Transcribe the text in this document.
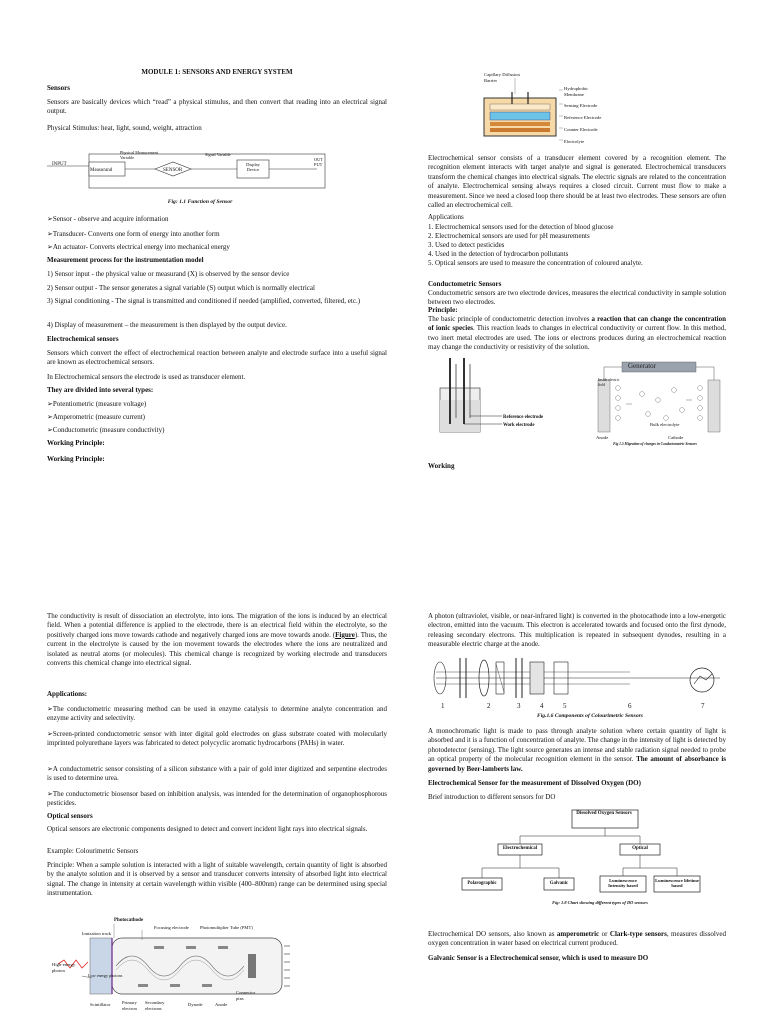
MODULE 1: SENSORS AND ENERGY SYSTEM

Sensors

Sensors are basically devices which “read” a physical stimulus, and then convert that reading into an electrical signal output.

Physical Stimulus: heat, light, sound, weight, attraction

INPUT
Measurand
Physical Measurement Variable
SENSOR
Signal Variable
Display Device
OUT PUT

Fig: 1.1 Function of Sensor

➢ Sensor - observe and acquire information

➢ Transducer- Converts one form of energy into another form

➢ An actuator- Converts electrical energy into mechanical energy

Measurement process for the instrumentation model

1) Sensor input - the physical value or measurand (X) is observed by the sensor device

2) Sensor output - The sensor generates a signal variable (S) output which is normally electrical

3) Signal conditioning - The signal is transmitted and conditioned if needed (amplified, converted, filtered, etc.)

4) Display of measurement – the measurement is then displayed by the output device.

Electrochemical sensors

Sensors which convert the effect of electrochemical reaction between analyte and electrode surface into a useful signal are known as electrochemical sensors.

In Electrochemical sensors the electrode is used as transducer element.

They are divided into several types:

➢ Potentiometric (measure voltage)

➢ Amperometric (measure current)

➢ Conductometric (measure conductivity)

Working Principle:

Working Principle:

The conductivity is result of dissociation an electrolyte, into ions. The migration of the ions is induced by an electrical field. When a potential difference is applied to the electrode, there is an electrical field within the electrolyte, so the positively charged ions move towards cathode and negatively charged ions are move towards anode. (Figure). Thus, the current in the electrolyte is caused by the ion movement towards the electrodes where the ions are neutralized and isolated as neutral atoms (or molecules). This chemical change is recognized by working electrode and transducers converts this chemical change into electrical signal.

Applications:

➢ The conductometric measuring method can be used in enzyme catalysis to determine analyte concentration and enzyme activity and selectivity.

➢ Screen-printed conductometric sensor with inter digital gold electrodes on glass substrate coated with molecularly imprinted polyurethane layers was fabricated to detect polycyclic aromatic hydrocarbons (PAHs) in water.

➢ A conductometric sensor consisting of a silicon substance with a pair of gold inter digitized and serpentine electrodes is used to determine urea.

➢ The conductometric biosensor based on inhibition analysis, was intended for the determination of organophosphorous pesticides.

Optical sensors

Optical sensors are electronic components designed to detect and convert incident light rays into electrical signals.

Example: Colourimetric Sensors

Principle: When a sample solution is interacted with a light of suitable wavelength, certain quantity of light is absorbed by the analyte solution and it is observed by a sensor and transducer converts intensity of absorbed light into electrical signal. The change in intensity at certain wavelength within visible (400–800nm) range can be determined using special instrumentation.

Photocathode
Focusing electrode Photomultiplier Tube (PMT)
Ionization track
High-energy photon
Low energy photons
Scintillator	Primary electron
Secondary electrons
Dynode	Anode
Connector pins
Capillary Diffusion Barrier
Hydrophobic Membrane
Sensing Electrode
Reference Electrode
Counter Electrode
Electrolyte

Electrochemical sensor consists of a transducer element covered by a recognition element. The recognition element interacts with target analyte and signal is generated. Electrochemical transducers transform the chemical changes into electrical signals. The electric signals are related to the concentration of analyte. Electrochemical sensing always requires a closed circuit. Current must flow to make a measurement. Since we need a closed loop there should be at least two electrodes. These sensors are often called an electrochemical cell.

Applications

1. Electrochemical sensors used for the detection of blood glucose

2. Electrochemical sensors are used for pH measurements

3. Used to detect pesticides

4. Used in the detection of hydrocarbon pollutants

5. Optical sensors are used to measure the concentration of coloured analyte.

Conductometric Sensors

Conductometric sensors are two electrode devices, measures the electrical conductivity in sample solution between two electrodes.

Principle:

The basic principle of conductometric detection involves a reaction that can change the concentration of ionic species. This reaction leads to changes in electrical conductivity or current flow. In this method, two inert metal electrodes are used. The ions or electrons produces during an electrochemical reaction may change the conductivity or resistivity of the solution.

Reference electrode
Work electrode
Generator
Inside electric field
Bulk electrolyte
Anode	Cathode

Fig 1.5 Migration of charges in Conductometric Sensors

Working

A photon (ultraviolet, visible, or near-infrared light) is converted in the photocathode into a low-energetic electron, emitted into the vacuum. This electron is accelerated towards and focused onto the first dynode, releasing secondary electrons. This multiplication is repeated in subsequent dynodes, resulting in a measurable electric charge at the anode.

1	2	3	4	5	6	7

Fig.1.6 Components of Colourimetric Sensors

A monochromatic light is made to pass through analyte solution where certain quantity of light is absorbed and it is a function of concentration of analyte. The change in the intensity of light is detected by photodetector (sensing). The light source generates an intense and stable radiation signal needed to probe an optical property of the molecular recognition element in the sensor. The amount of absorbance is governed by Beer-lamberts law.

Electrochemical Sensor for the measurement of Dissolved Oxygen (DO)

Brief introduction to different sensors for DO

Dissolved Oxygen Sensors
Electrochemical	Optical
Polarographic	Galvanic
Luminescence Intensity based
Luminescence lifetime based

Fig: 1.8 Chart showing different types of DO sensors

Electrochemical DO sensors, also known as amperometric or Clark-type sensors, measures dissolved oxygen concentration in water based on electrical current produced.

Galvanic Sensor is a Electrochemical sensor, which is used to measure DO
